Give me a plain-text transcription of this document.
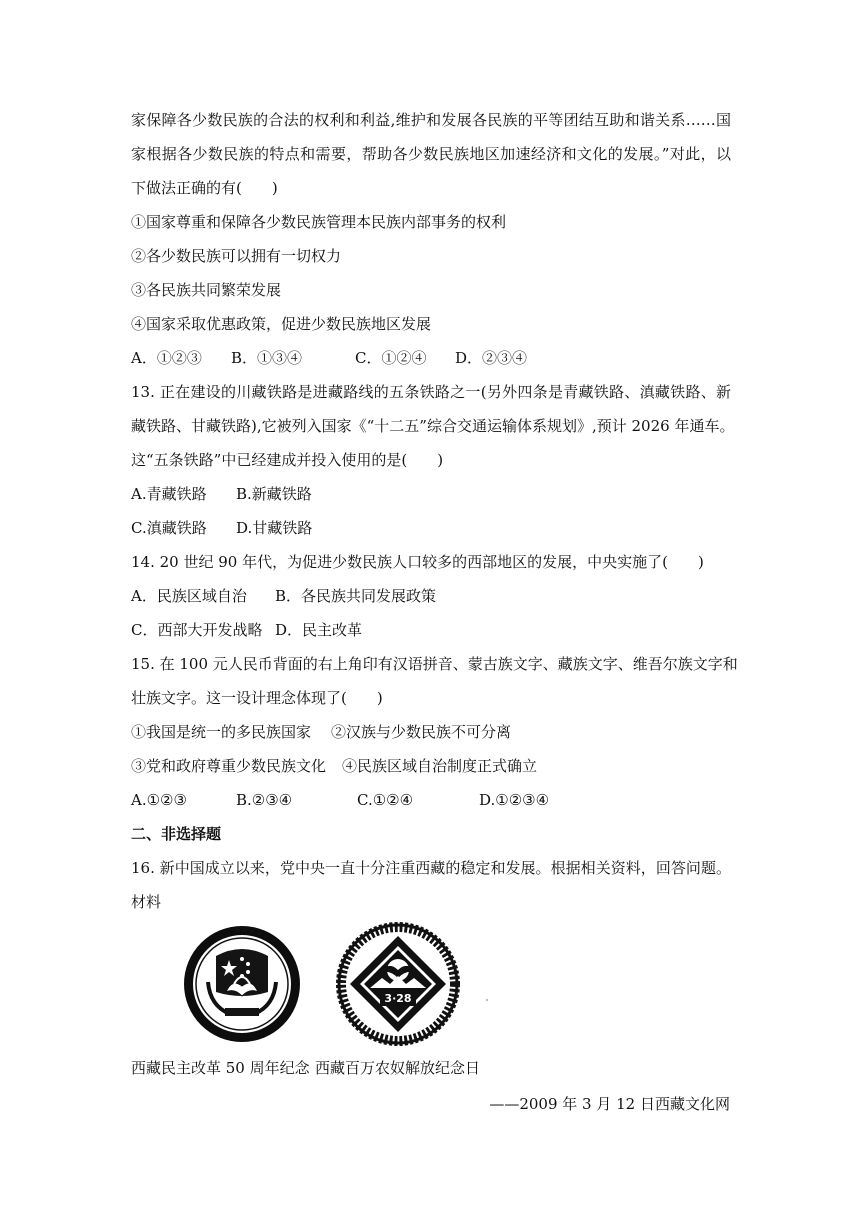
家保障各少数民族的合法的权利和利益,维护和发展各民族的平等团结互助和谐关系……国
家根据各少数民族的特点和需要，帮助各少数民族地区加速经济和文化的发展。”对此，以
下做法正确的有(　　)
①国家尊重和保障各少数民族管理本民族内部事务的权利
②各少数民族可以拥有一切权力
③各民族共同繁荣发展
④国家采取优惠政策，促进少数民族地区发展
A．①②③ B．①③④	C．①②④ D．②③④
13. 正在建设的川藏铁路是进藏路线的五条铁路之一(另外四条是青藏铁路、滇藏铁路、新
藏铁路、甘藏铁路),它被列入国家《“十二五”综合交通运输体系规划》,预计 2026 年通车。
这“五条铁路”中已经建成并投入使用的是(　　)
A.青藏铁路 B.新藏铁路
C.滇藏铁路 D.甘藏铁路
14. 20 世纪 90 年代，为促进少数民族人口较多的西部地区的发展，中央实施了(　　)
A．民族区域自治 B．各民族共同发展政策
C．西部大开发战略 D．民主改革
15. 在 100 元人民币背面的右上角印有汉语拼音、蒙古族文字、藏族文字、维吾尔族文字和
壮族文字。这一设计理念体现了(　　)
①我国是统一的多民族国家 ②汉族与少数民族不可分离
③党和政府尊重少数民族文化 ④民族区域自治制度正式确立
A.①②③	B.②③④	C.①②④	D.①②③④
二、非选择题
16. 新中国成立以来，党中央一直十分注重西藏的稳定和发展。根据相关资料，回答问题。
材料
50
3·28
西藏民主改革 50 周年纪念 西藏百万农奴解放纪念日
——2009 年 3 月 12 日西藏文化网
